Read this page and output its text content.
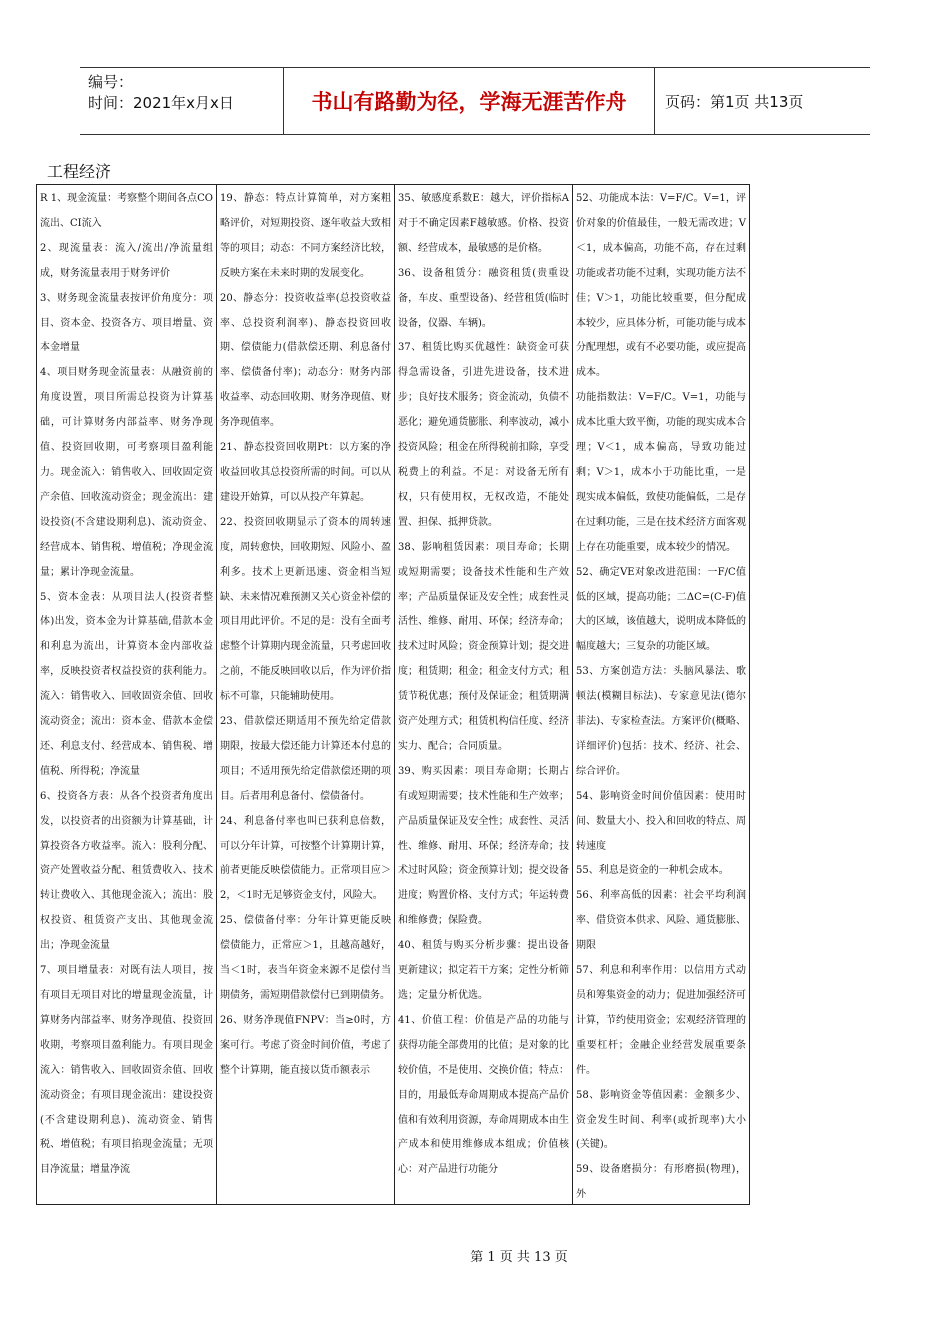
编号：
时间：2021年x月x日	书山有路勤为径，学海无涯苦作舟	页码：第1页 共13页
工程经济

R 1、现金流量：考察整个期间各点CO流出、CI流入

2、现流量表：流入/流出/净流量组成，财务流量表用于财务评价

3、财务现金流量表按评价角度分：项目、资本金、投资各方、项目增量、资本金增量

4、项目财务现金流量表：从融资前的角度设置，项目所需总投资为计算基础，可计算财务内部益率、财务净现值、投资回收期，可考察项目盈利能力。现金流入：销售收入、回收固定资产余值、回收流动资金；现金流出：建设投资(不含建设期利息)、流动资金、经营成本、销售税、增值税；净现金流量；累计净现金流量。

5、资本金表：从项目法人(投资者整体)出发，资本金为计算基础,借款本金和利息为流出，计算资本金内部收益率，反映投资者权益投资的获利能力。流入：销售收入、回收固资余值、回收流动资金；流出：资本金、借款本金偿还、利息支付、经营成本、销售税、增值税、所得税；净流量

6、投资各方表：从各个投资者角度出发，以投资者的出资额为计算基础，计算投资各方收益率。流入：股利分配、资产处置收益分配、租赁费收入、技术转让费收入、其他现金流入；流出：股权投资、租赁资产支出、其他现金流出；净现金流量

7、项目增量表：对既有法人项目，按有项目无项目对比的增量现金流量，计算财务内部益率、财务净现值、投资回收期，考察项目盈利能力。有项目现金流入：销售收入、回收固资余值、回收流动资金；有项目现金流出：建设投资(不含建设期利息)、流动资金、销售税、增值税；有项目掐现金流量；无项目净流量；增量净流

19、静态：特点计算简单，对方案粗略评价，对短期投资、逐年收益大致相等的项目；动态：不同方案经济比较，反映方案在未来时期的发展变化。

20、静态分：投资收益率(总投资收益率、总投资利润率)、静态投资回收期、偿债能力(借款偿还期、利息备付率、偿债备付率)；动态分：财务内部收益率、动态回收期、财务净现值、财务净现值率。

21、静态投资回收期Pt：以方案的净收益回收其总投资所需的时间。可以从建设开始算，可以从投产年算起。

22、投资回收期显示了资本的周转速度，周转愈快，回收期短、风险小、盈利多。技术上更新迅速、资金相当短缺、未来情况难预测又关心资金补偿的项目用此评价。不足的是：没有全面考虑整个计算期内现金流量，只考虑回收之前，不能反映回收以后，作为评价指标不可靠，只能辅助使用。

23、借款偿还期适用不预先给定借款期限，按最大偿还能力计算还本付息的项目；不适用预先给定借款偿还期的项目。后者用利息备付、偿债备付。

24、利息备付率也叫已获利息倍数，可以分年计算，可按整个计算期计算，前者更能反映偿债能力。正常项目应＞2，＜1时无足够资金支付，风险大。

25、偿债备付率：分年计算更能反映偿债能力，正常应＞1，且越高越好，当＜1时，表当年资金来源不足偿付当期债务，需短期借款偿付已到期债务。

26、财务净现值FNPV：当≥0时，方案可行。考虑了资金时间价值，考虑了整个计算期，能直接以货币额表示

35、敏感度系数E：越大，评价指标A对于不确定因素F越敏感。价格、投资额、经营成本，最敏感的是价格。

36、设备租赁分：融资租赁(贵重设备，车皮、重型设备)、经营租赁(临时设备，仪器、车辆)。

37、租赁比购买优越性：缺资金可获得急需设备，引进先进设备，技术进步；良好技术服务；资金流动，负债不恶化；避免通货膨胀、利率波动，减小投资风险；租金在所得税前扣除，享受税费上的利益。不足：对设备无所有权，只有使用权，无权改造，不能处置、担保、抵押贷款。

38、影响租赁因素：项目寿命；长期或短期需要；设备技术性能和生产效率；产品质量保证及安全性；成套性灵活性、维修、耐用、环保；经济寿命；技术过时风险；资金预算计划；提交进度；租赁期；租金；租金支付方式；租赁节税优惠；预付及保证金；租赁期满资产处理方式；租赁机构信任度、经济实力、配合；合同质量。

39、购买因素：项目寿命期；长期占有或短期需要；技术性能和生产效率；产品质量保证及安全性；成套性、灵活性、维修、耐用、环保；经济寿命；技术过时风险；资金预算计划；提交设备进度；购置价格、支付方式；年运转费和维修费；保险费。

40、租赁与购买分析步骤：提出设备更新建议；拟定若干方案；定性分析筛选；定量分析优选。

41、价值工程：价值是产品的功能与获得功能全部费用的比值；是对象的比较价值，不是使用、交换价值；特点：目的，用最低寿命周期成本提高产品价值和有效利用资源，寿命周期成本由生产成本和使用维修成本组成；价值核心：对产品进行功能分

52、功能成本法：V=F/C。V=1，评价对象的价值最佳，一般无需改进；V＜1，成本偏高，功能不高，存在过剩功能或者功能不过剩，实现功能方法不佳；V＞1，功能比较重要，但分配成本较少，应具体分析，可能功能与成本分配理想，或有不必要功能，或应提高成本。

功能指数法：V=F/C。V=1，功能与成本比重大致平衡，功能的现实成本合理；V＜1，成本偏高，导致功能过剩；V＞1，成本小于功能比重，一是现实成本偏低，致使功能偏低，二是存在过剩功能，三是在技术经济方面客观上存在功能重要，成本较少的情况。

52、确定VE对象改进范围：一F/C值低的区域，提高功能；二ΔC=(C-F)值大的区域，该值越大，说明成本降低的幅度越大；三复杂的功能区域。

53、方案创造方法：头脑风暴法、歌顿法(模糊目标法)、专家意见法(德尔菲法)、专家检查法。方案评价(概略、详细评价)包括：技术、经济、社会、综合评价。

54、影响资金时间价值因素：使用时间、数量大小、投入和回收的特点、周转速度

55、利息是资金的一种机会成本。

56、利率高低的因素：社会平均利润率、借贷资本供求、风险、通货膨胀、期限

57、利息和利率作用：以信用方式动员和筹集资金的动力；促进加强经济可计算，节约使用资金；宏观经济管理的重要杠杆；金融企业经营发展重要条件。

58、影响资金等值因素：金额多少、资金发生时间、利率(或折现率)大小(关键)。

59、设备磨损分：有形磨损(物理)，外

第 1 页 共 13 页
